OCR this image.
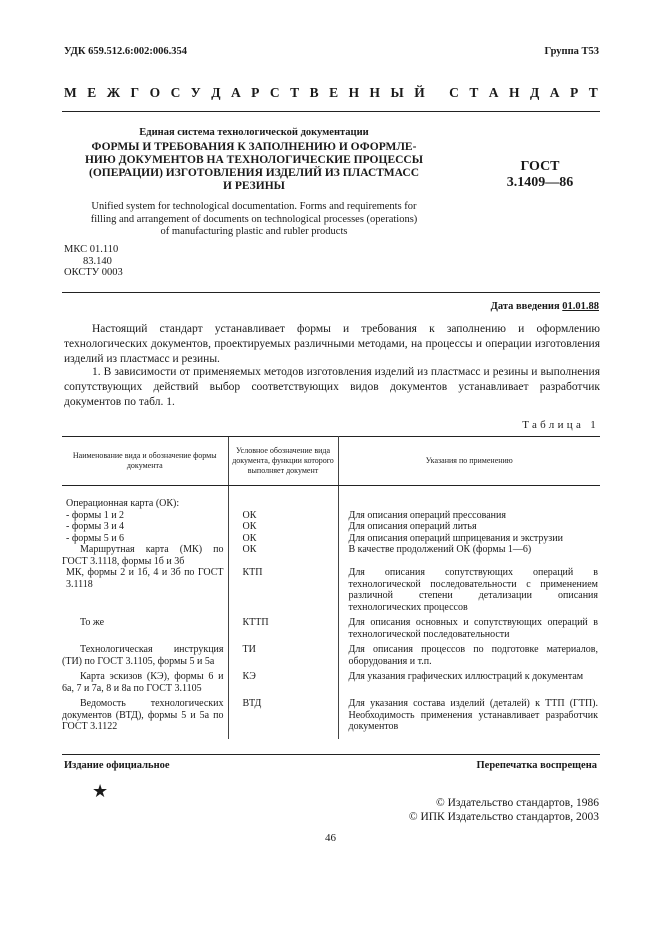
УДК 659.512.6:002:006.354	Группа Т53
М Е Ж Г О С У Д А Р С Т В Е Н Н Ы Й
С Т А Н Д А Р Т
Единая система технологической документации
ФОРМЫ И ТРЕБОВАНИЯ К ЗАПОЛНЕНИЮ И ОФОРМЛЕ-
НИЮ ДОКУМЕНТОВ НА ТЕХНОЛОГИЧЕСКИЕ ПРОЦЕССЫ
(ОПЕРАЦИИ) ИЗГОТОВЛЕНИЯ ИЗДЕЛИЙ ИЗ ПЛАСТМАСС
И РЕЗИНЫ
ГОСТ
3.1409—86
Unified system for technological documentation. Forms and requirements for
filling and arrangement of documents on technological processes (operations)
of manufacturing plastic and rubler products
МКС 01.110
83.140
ОКСТУ 0003
Дата введения 01.01.88
Настоящий стандарт устанавливает формы и требования к заполнению и оформлению технологических документов, проектируемых различными методами, на процессы и операции изготовления изделий из пластмасс и резины.
1. В зависимости от применяемых методов изготовления изделий из пластмасс и резины и выполнения сопутствующих действий выбор соответствующих видов документов устанавливает разработчик документов по табл. 1.
Таблица 1
Наименование вида и обозначение формы документа	Условное обозначение вида документа, функции которого выполняет документ	Указания по применению
Операционная карта (ОК):		
- формы 1 и 2	ОК	Для описания операций прессования
- формы 3 и 4	ОК	Для описания операций литья
- формы 5 и 6	ОК	Для описания операций шприцевания и экструзии
Маршрутная карта (МК) по ГОСТ 3.1118, формы 1б и 3б	ОК	В качестве продолжений ОК (формы 1—6)
МК, формы 2 и 1б, 4 и 3б по ГОСТ 3.1118	КТП	Для описания сопутствующих операций в технологической последовательности с применением различной степени детализации описания технологических процессов
То же	КТТП	Для описания основных и сопутствующих операций в технологической последовательности
Технологическая инструкция (ТИ) по ГОСТ 3.1105, формы 5 и 5а	ТИ	Для описания процессов по подготовке материалов, оборудования и т.п.
Карта эскизов (КЭ), формы 6 и 6а, 7 и 7а, 8 и 8а по ГОСТ 3.1105	КЭ	Для указания графических иллюстраций к документам
Ведомость технологических документов (ВТД), формы 5 и 5а по ГОСТ 3.1122	ВТД	Для указания состава изделий (деталей) к ТТП (ГТП). Необходимость применения устанавливает разработчик документов
Издание официальное	Перепечатка воспрещена
★
© Издательство стандартов, 1986
© ИПК Издательство стандартов, 2003
46
